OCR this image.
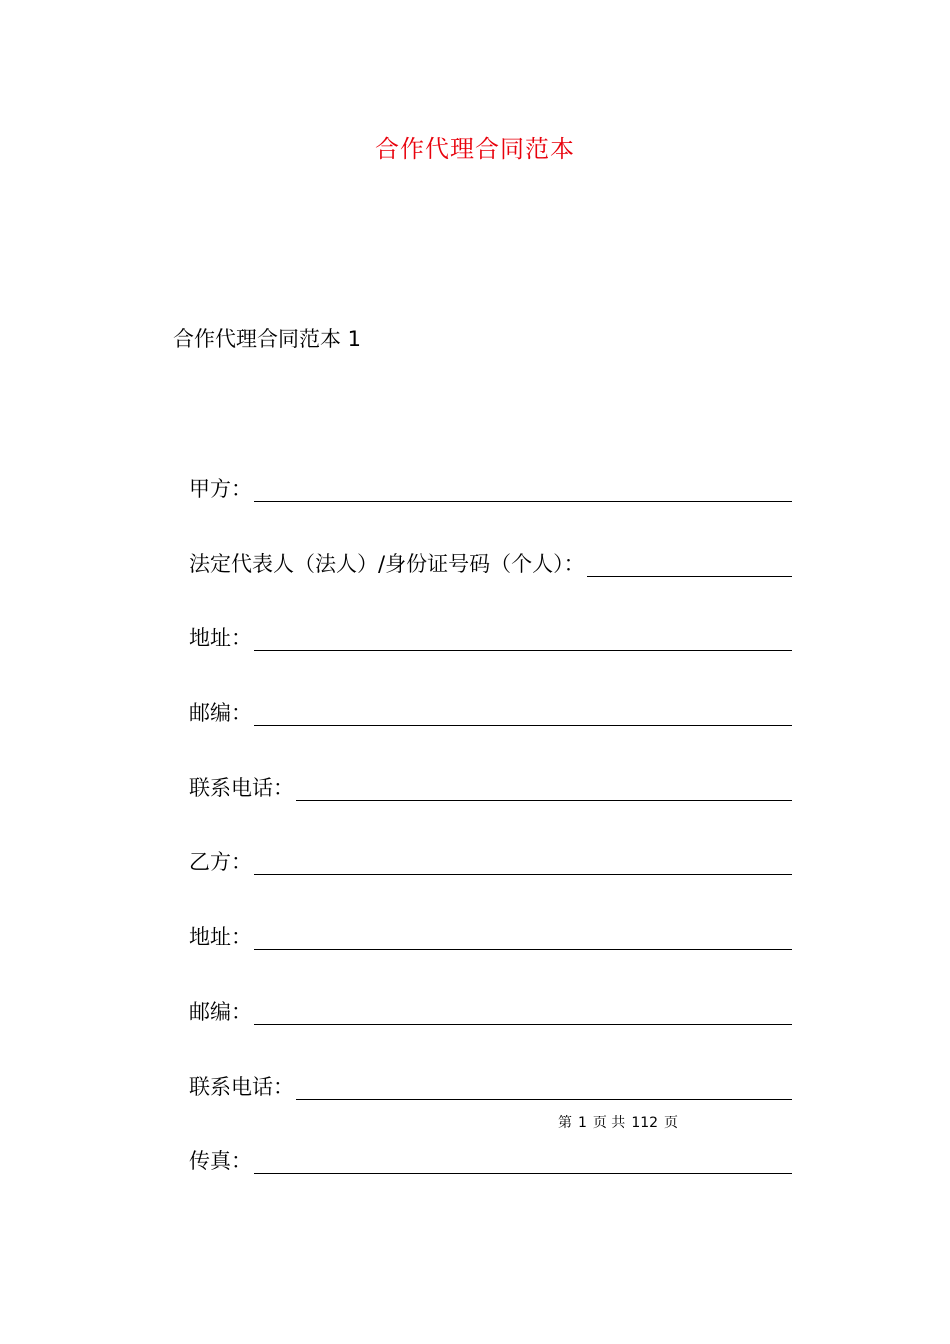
合作代理合同范本
合作代理合同范本 1
甲方：
法定代表人（法人）/身份证号码（个人）：
地址：
邮编：
联系电话：
乙方：
地址：
邮编：
联系电话：
第 1 页 共 112 页
传真：
